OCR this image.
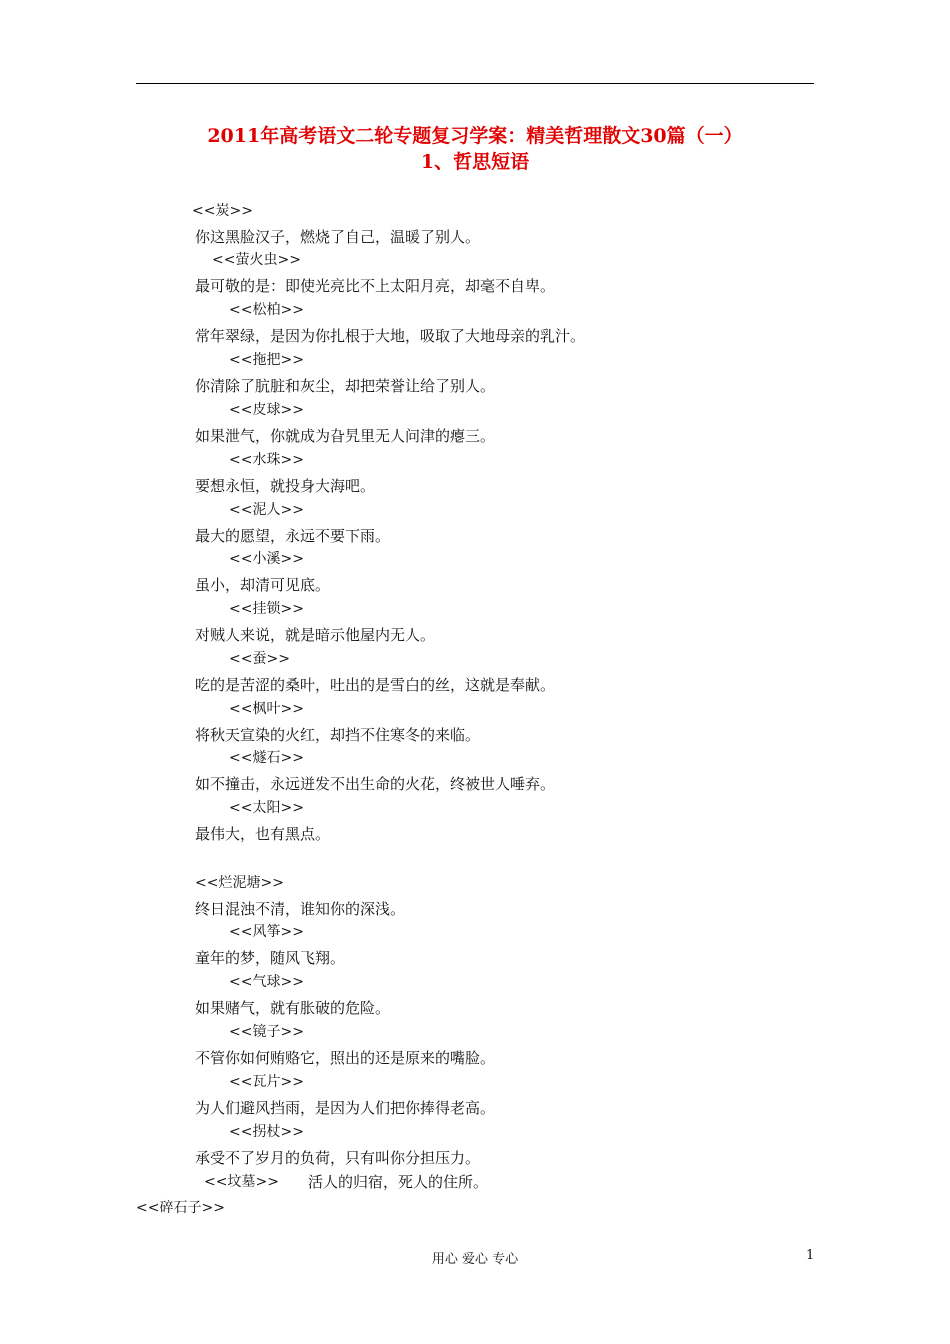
2011年高考语文二轮专题复习学案：精美哲理散文30篇（一）
1、哲思短语
<<炭>>
你这黑脸汉子，燃烧了自己，温暖了别人。
<<萤火虫>>
最可敬的是：即使光亮比不上太阳月亮，却毫不自卑。
<<松柏>>
常年翠绿，是因为你扎根于大地，吸取了大地母亲的乳汁。
<<拖把>>
你清除了肮脏和灰尘，却把荣誉让给了别人。
<<皮球>>
如果泄气，你就成为旮旯里无人问津的瘪三。
<<水珠>>
要想永恒，就投身大海吧。
<<泥人>>
最大的愿望，永远不要下雨。
<<小溪>>
虽小，却清可见底。
<<挂锁>>
对贼人来说，就是暗示他屋内无人。
<<蚕>>
吃的是苦涩的桑叶，吐出的是雪白的丝，这就是奉献。
<<枫叶>>
将秋天宣染的火红，却挡不住寒冬的来临。
<<燧石>>
如不撞击，永远迸发不出生命的火花，终被世人唾弃。
<<太阳>>
最伟大，也有黑点。
<<烂泥塘>>
终日混浊不清，谁知你的深浅。
<<风筝>>
童年的梦，随风飞翔。
<<气球>>
如果赌气，就有胀破的危险。
<<镜子>>
不管你如何贿赂它，照出的还是原来的嘴脸。
<<瓦片>>
为人们避风挡雨，是因为人们把你捧得老高。
<<拐杖>>
承受不了岁月的负荷，只有叫你分担压力。
<<坟墓>> 活人的归宿，死人的住所。
<<碎石子>>
用心 爱心 专心	1
